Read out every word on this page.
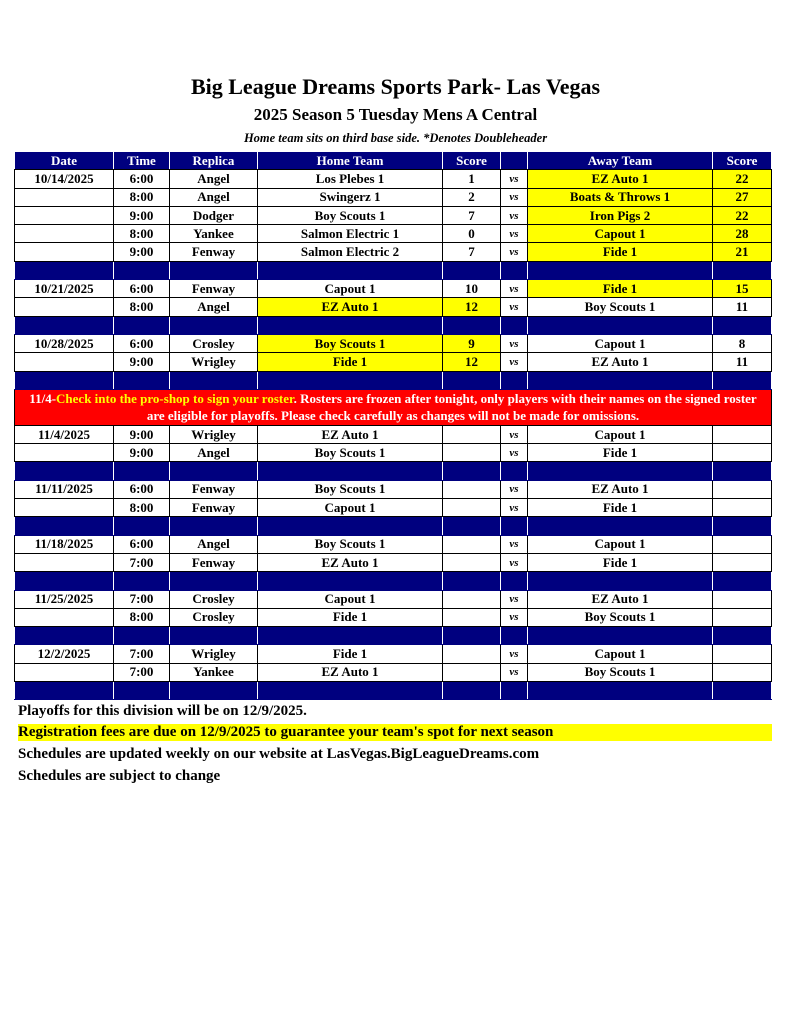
Big League Dreams Sports Park- Las Vegas
2025 Season 5 Tuesday Mens A Central
Home team sits on third base side. *Denotes Doubleheader
Date	Time	Replica	Home Team	Score		Away Team	Score
10/14/2025	6:00	Angel	Los Plebes 1	1	vs	EZ Auto 1	22
	8:00	Angel	Swingerz 1	2	vs	Boats & Throws 1	27
	9:00	Dodger	Boy Scouts 1	7	vs	Iron Pigs 2	22
	8:00	Yankee	Salmon Electric 1	0	vs	Capout 1	28
	9:00	Fenway	Salmon Electric 2	7	vs	Fide 1	21

10/21/2025	6:00	Fenway	Capout 1	10	vs	Fide 1	15
	8:00	Angel	EZ Auto 1	12	vs	Boy Scouts 1	11

10/28/2025	6:00	Crosley	Boy Scouts 1	9	vs	Capout 1	8
	9:00	Wrigley	Fide 1	12	vs	EZ Auto 1	11

11/4-Check into the pro-shop to sign your roster. Rosters are frozen after tonight, only players with their names on the signed roster are eligible for playoffs. Please check carefully as changes will not be made for omissions.							
11/4/2025	9:00	Wrigley	EZ Auto 1		vs	Capout 1	
	9:00	Angel	Boy Scouts 1		vs	Fide 1	

11/11/2025	6:00	Fenway	Boy Scouts 1		vs	EZ Auto 1	
	8:00	Fenway	Capout 1		vs	Fide 1	

11/18/2025	6:00	Angel	Boy Scouts 1		vs	Capout 1	
	7:00	Fenway	EZ Auto 1		vs	Fide 1	

11/25/2025	7:00	Crosley	Capout 1		vs	EZ Auto 1	
	8:00	Crosley	Fide 1		vs	Boy Scouts 1	

12/2/2025	7:00	Wrigley	Fide 1		vs	Capout 1	
	7:00	Yankee	EZ Auto 1		vs	Boy Scouts 1	

Playoffs for this division will be on 12/9/2025.
Registration fees are due on 12/9/2025 to guarantee your team's spot for next season
Schedules are updated weekly on our website at LasVegas.BigLeagueDreams.com
Schedules are subject to change
